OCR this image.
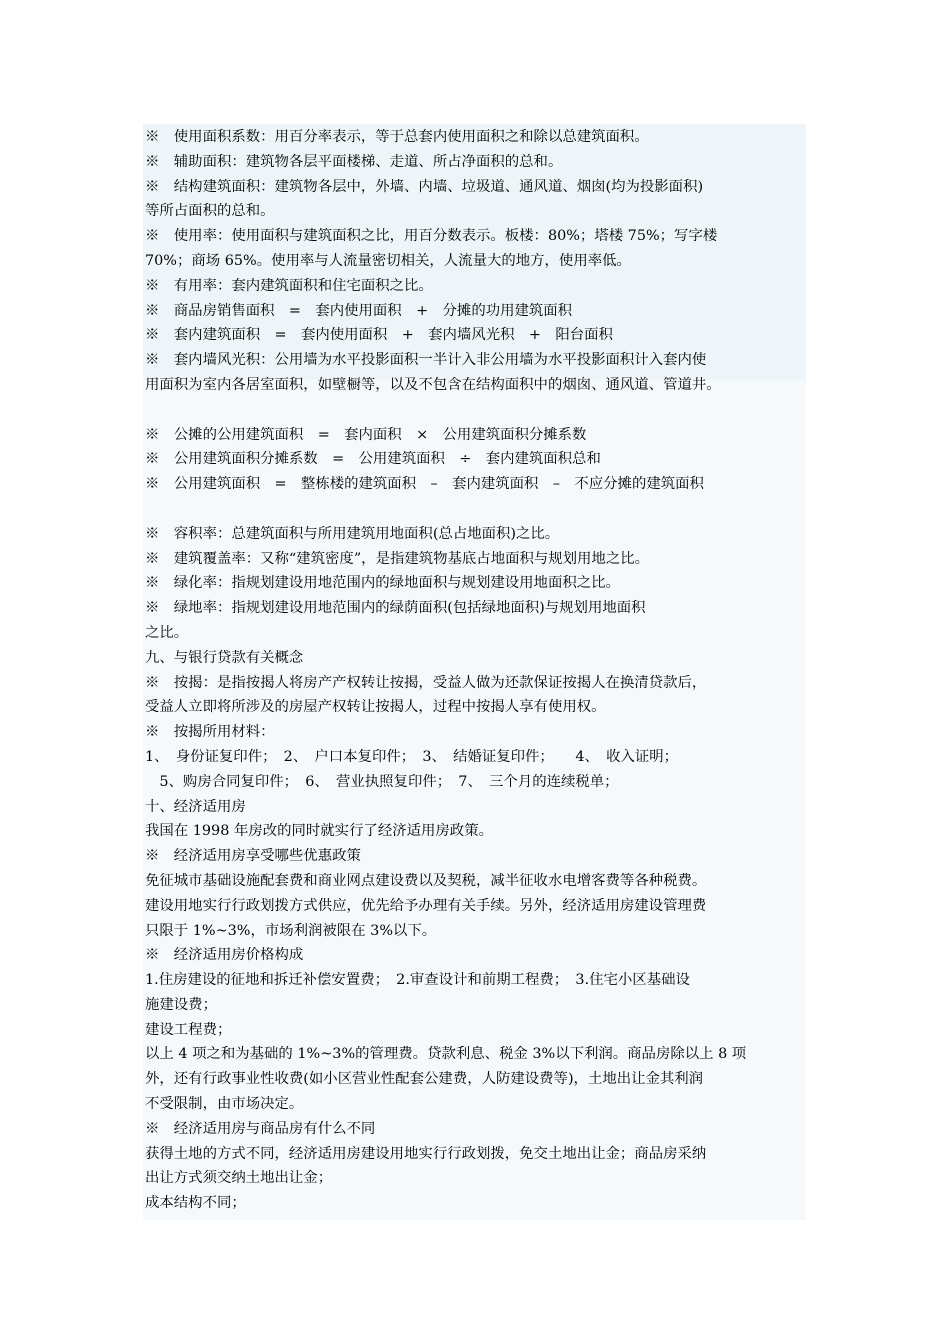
※　使用面积系数：用百分率表示，等于总套内使用面积之和除以总建筑面积。
※　辅助面积：建筑物各层平面楼梯、走道、所占净面积的总和。
※　结构建筑面积：建筑物各层中，外墙、内墙、垃圾道、通风道、烟囱(均为投影面积)
等所占面积的总和。
※　使用率：使用面积与建筑面积之比，用百分数表示。板楼：80%；塔楼 75%；写字楼
70%；商场 65%。使用率与人流量密切相关，人流量大的地方，使用率低。
※　有用率：套内建筑面积和住宅面积之比。
※　商品房销售面积　=　套内使用面积　+　分摊的功用建筑面积
※　套内建筑面积　=　套内使用面积　+　套内墙风光积　+　阳台面积
※　套内墙风光积：公用墙为水平投影面积一半计入非公用墙为水平投影面积计入套内使
用面积为室内各居室面积，如壁橱等，以及不包含在结构面积中的烟囱、通风道、管道井。
※　公摊的公用建筑面积　=　套内面积　×　公用建筑面积分摊系数
※　公用建筑面积分摊系数　=　公用建筑面积　÷　套内建筑面积总和
※　公用建筑面积　=　整栋楼的建筑面积　–　套内建筑面积　–　不应分摊的建筑面积
※　容积率：总建筑面积与所用建筑用地面积(总占地面积)之比。
※　建筑覆盖率：又称“建筑密度”，是指建筑物基底占地面积与规划用地之比。
※　绿化率：指规划建设用地范围内的绿地面积与规划建设用地面积之比。
※　绿地率：指规划建设用地范围内的绿荫面积(包括绿地面积)与规划用地面积
之比。
九、与银行贷款有关概念
※　按揭：是指按揭人将房产产权转让按揭，受益人做为还款保证按揭人在换清贷款后，
受益人立即将所涉及的房屋产权转让按揭人，过程中按揭人享有使用权。
※　按揭所用材料：
1、　身份证复印件；　2、　户口本复印件；　3、　结婚证复印件；　　4、　收入证明；
　5、购房合同复印件；　6、　营业执照复印件；　7、　三个月的连续税单；
十、经济适用房
我国在 1998 年房改的同时就实行了经济适用房政策。
※　经济适用房享受哪些优惠政策
免征城市基础设施配套费和商业网点建设费以及契税，减半征收水电增客费等各种税费。
建设用地实行行政划拨方式供应，优先给予办理有关手续。另外，经济适用房建设管理费
只限于 1%~3%，市场利润被限在 3%以下。
※　经济适用房价格构成
1.住房建设的征地和拆迁补偿安置费；　2.审查设计和前期工程费；　3.住宅小区基础设
施建设费；
建设工程费；
以上 4 项之和为基础的 1%~3%的管理费。贷款利息、税金 3%以下利润。商品房除以上 8 项
外，还有行政事业性收费(如小区营业性配套公建费，人防建设费等)，土地出让金其利润
不受限制，由市场决定。
※　经济适用房与商品房有什么不同
获得土地的方式不同，经济适用房建设用地实行行政划拨，免交土地出让金；商品房采纳
出让方式须交纳土地出让金；
成本结构不同；
